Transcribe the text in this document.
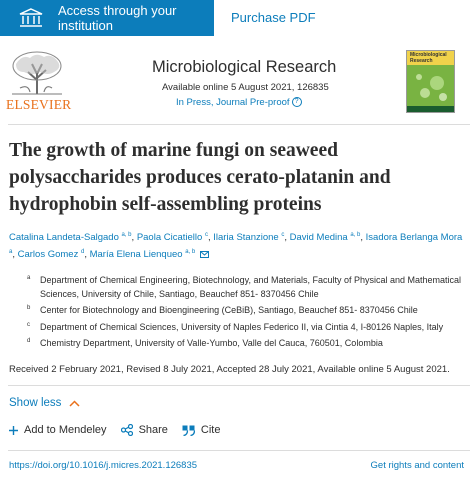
Access through your institution
Purchase PDF
ELSEVIER
Microbiological Research
Available online 5 August 2021, 126835
In Press, Journal Pre-proof ?
Microbiological Research
The growth of marine fungi on seaweed polysaccharides produces cerato-platanin and hydrophobin self-assembling proteins
Catalina Landeta-Salgado $^{a, b}$, Paola Cicatiello $^c$, Ilaria Stanzione $^c$, David Medina $^{a, b}$, Isadora Berlanga Mora $^a$, Carlos Gomez $^d$, María Elena Lienqueo $^{a, b}$
a Department of Chemical Engineering, Biotechnology, and Materials, Faculty of Physical and Mathematical Sciences, University of Chile, Santiago, Beauchef 851- 8370456 Chile
b Center for Biotechnology and Bioengineering (CeBiB), Santiago, Beauchef 851- 8370456 Chile
c Department of Chemical Sciences, University of Naples Federico II, via Cintia 4, I-80126 Naples, Italy
d Chemistry Department, University of Valle-Yumbo, Valle del Cauca, 760501, Colombia
Received 2 February 2021, Revised 8 July 2021, Accepted 28 July 2021, Available online 5 August 2021.
Show less
Add to Mendeley	Share	Cite
https://doi.org/10.1016/j.micres.2021.126835	Get rights and content
